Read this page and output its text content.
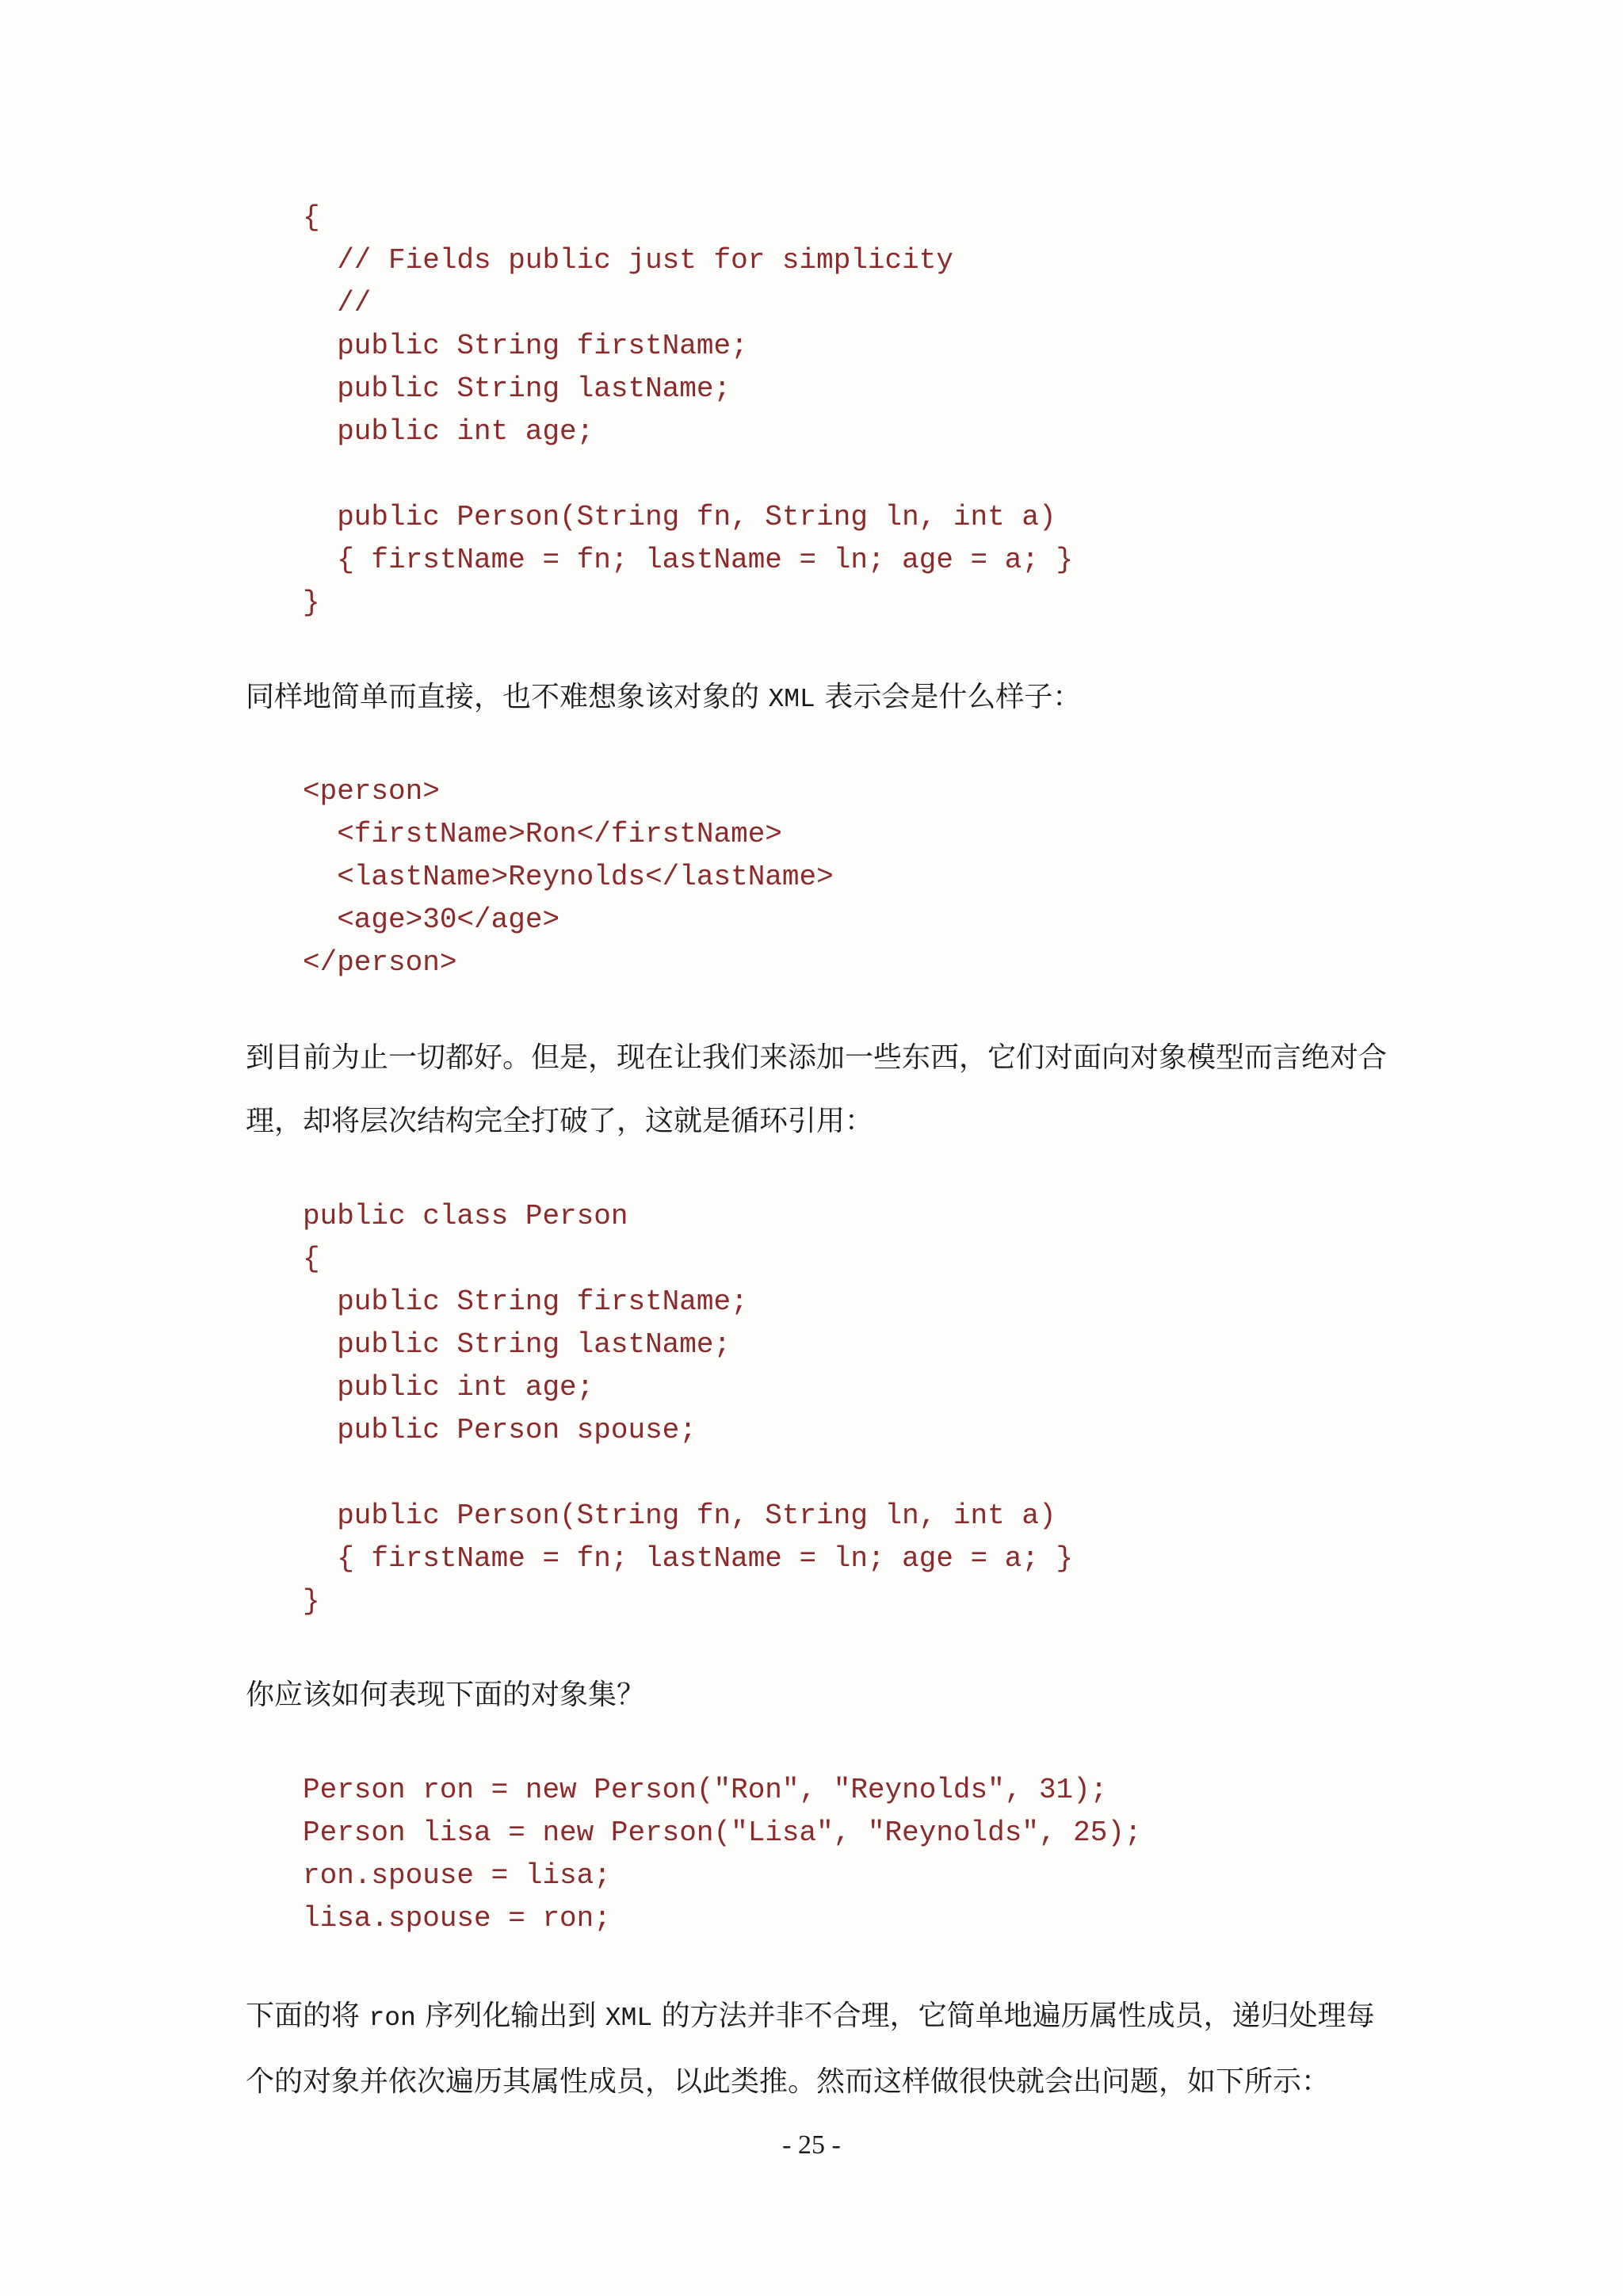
{
// Fields public just for simplicity
//
public String firstName;
public String lastName;
public int age;

public Person(String fn, String ln, int a)
{ firstName = fn; lastName = ln; age = a; }
}

同样地简单而直接，也不难想象该对象的 XML 表示会是什么样子：

<person>
<firstName>Ron</firstName>
<lastName>Reynolds</lastName>
<age>30</age>
</person>

到目前为止一切都好。但是，现在让我们来添加一些东西，它们对面向对象模型而言绝对合
理，却将层次结构完全打破了，这就是循环引用：

public class Person
{
public String firstName;
public String lastName;
public int age;
public Person spouse;

public Person(String fn, String ln, int a)
{ firstName = fn; lastName = ln; age = a; }
}

你应该如何表现下面的对象集？

Person ron = new Person("Ron", "Reynolds", 31);
Person lisa = new Person("Lisa", "Reynolds", 25);
ron.spouse = lisa;
lisa.spouse = ron;

下面的将 ron 序列化输出到 XML 的方法并非不合理，它简单地遍历属性成员，递归处理每
个的对象并依次遍历其属性成员，以此类推。然而这样做很快就会出问题，如下所示：

- 25 -
